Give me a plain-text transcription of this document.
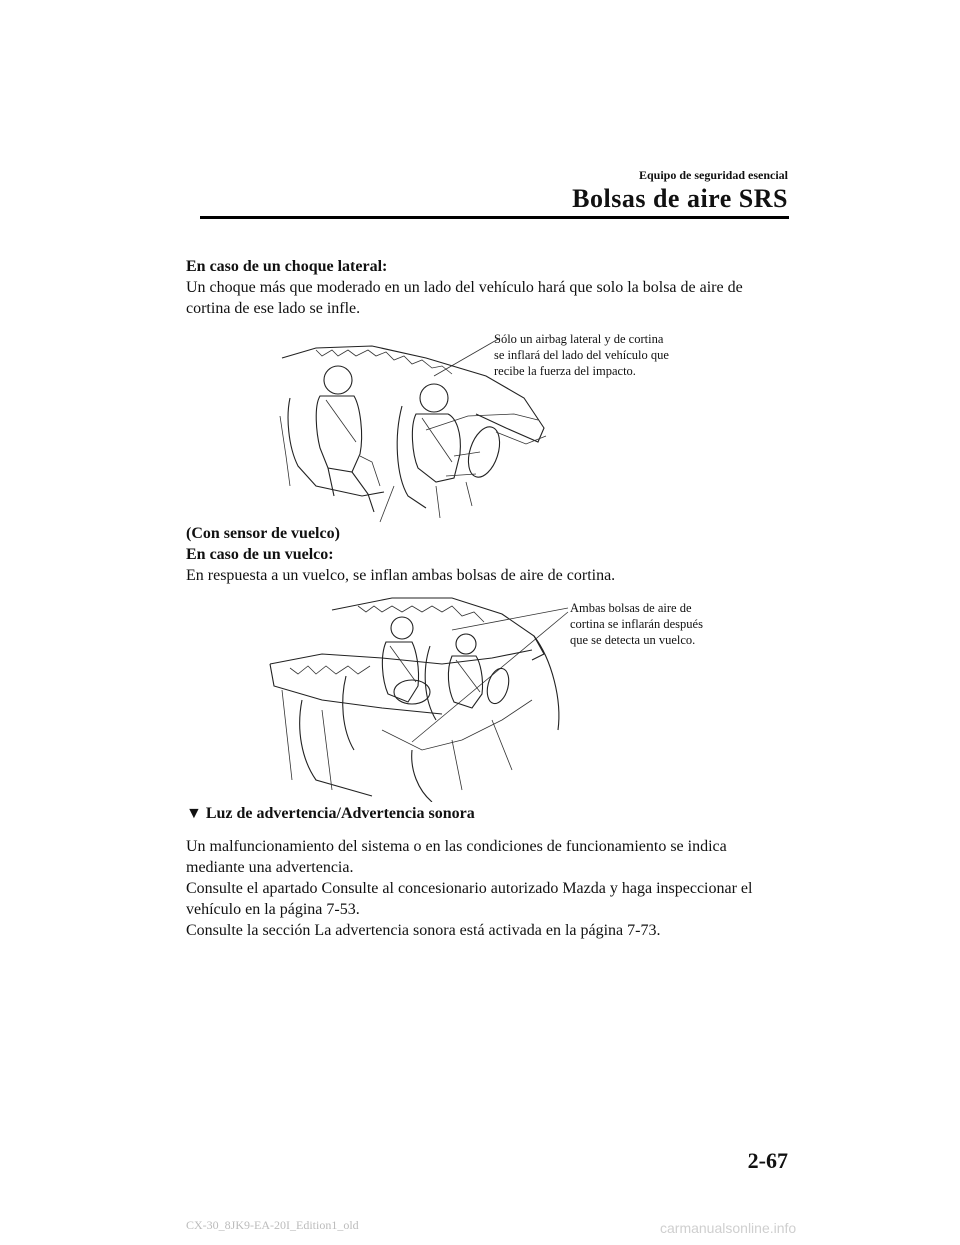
Equipo de seguridad esencial
Bolsas de aire SRS
En caso de un choque lateral:
Un choque más que moderado en un lado del vehículo hará que solo la bolsa de aire de
cortina de ese lado se infle.
Sólo un airbag lateral y de cortina
se inflará del lado del vehículo que
recibe la fuerza del impacto.
(Con sensor de vuelco)
En caso de un vuelco:
En respuesta a un vuelco, se inflan ambas bolsas de aire de cortina.
Ambas bolsas de aire de
cortina se inflarán después
que se detecta un vuelco.
▼ Luz de advertencia/Advertencia sonora
Un malfuncionamiento del sistema o en las condiciones de funcionamiento se indica
mediante una advertencia.
Consulte el apartado Consulte al concesionario autorizado Mazda y haga inspeccionar el
vehículo en la página 7-53.
Consulte la sección La advertencia sonora está activada en la página 7-73.
2-67
CX-30_8JK9-EA-20I_Edition1_old	carmanualsonline.info
